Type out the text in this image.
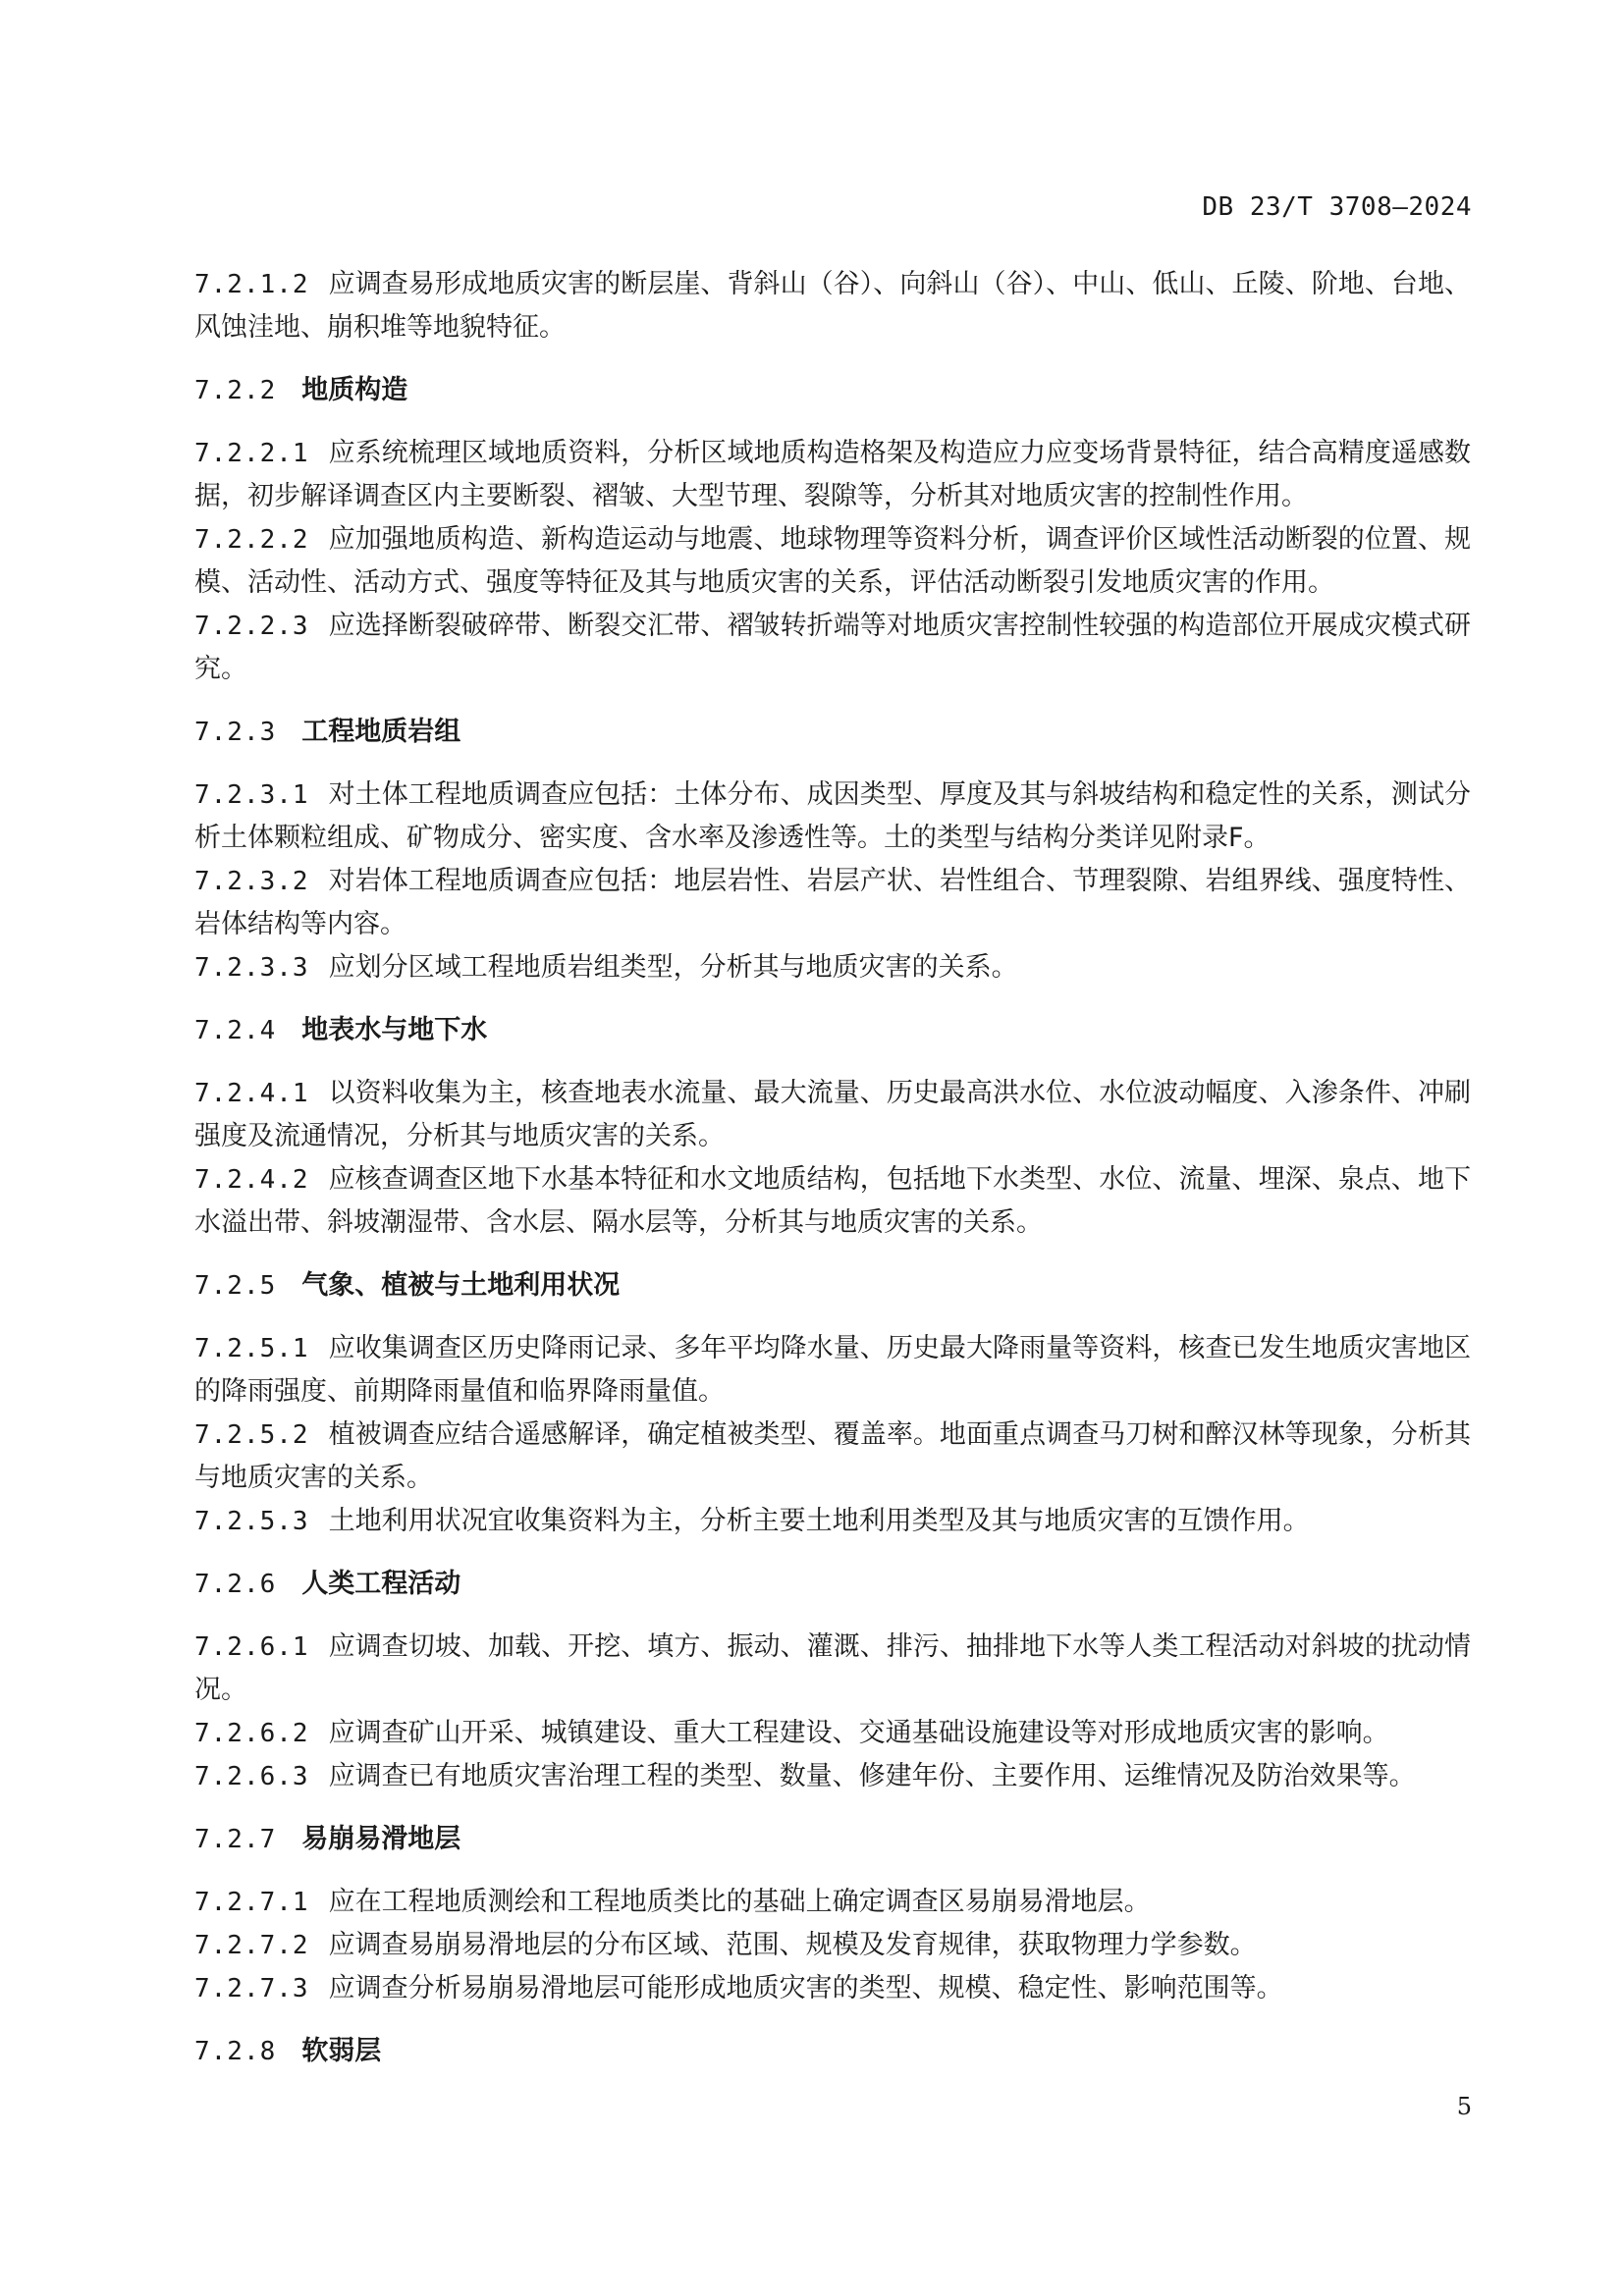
DB 23/T 3708—2024
7.2.1.2 应调查易形成地质灾害的断层崖、背斜山（谷）、向斜山（谷）、中山、低山、丘陵、阶地、台地、风蚀洼地、崩积堆等地貌特征。
7.2.2 地质构造
7.2.2.1 应系统梳理区域地质资料，分析区域地质构造格架及构造应力应变场背景特征，结合高精度遥感数据，初步解译调查区内主要断裂、褶皱、大型节理、裂隙等，分析其对地质灾害的控制性作用。
7.2.2.2 应加强地质构造、新构造运动与地震、地球物理等资料分析，调查评价区域性活动断裂的位置、规模、活动性、活动方式、强度等特征及其与地质灾害的关系，评估活动断裂引发地质灾害的作用。
7.2.2.3 应选择断裂破碎带、断裂交汇带、褶皱转折端等对地质灾害控制性较强的构造部位开展成灾模式研究。
7.2.3 工程地质岩组
7.2.3.1 对土体工程地质调查应包括：土体分布、成因类型、厚度及其与斜坡结构和稳定性的关系，测试分析土体颗粒组成、矿物成分、密实度、含水率及渗透性等。土的类型与结构分类详见附录F。
7.2.3.2 对岩体工程地质调查应包括：地层岩性、岩层产状、岩性组合、节理裂隙、岩组界线、强度特性、岩体结构等内容。
7.2.3.3 应划分区域工程地质岩组类型，分析其与地质灾害的关系。
7.2.4 地表水与地下水
7.2.4.1 以资料收集为主，核查地表水流量、最大流量、历史最高洪水位、水位波动幅度、入渗条件、冲刷强度及流通情况，分析其与地质灾害的关系。
7.2.4.2 应核查调查区地下水基本特征和水文地质结构，包括地下水类型、水位、流量、埋深、泉点、地下水溢出带、斜坡潮湿带、含水层、隔水层等，分析其与地质灾害的关系。
7.2.5 气象、植被与土地利用状况
7.2.5.1 应收集调查区历史降雨记录、多年平均降水量、历史最大降雨量等资料，核查已发生地质灾害地区的降雨强度、前期降雨量值和临界降雨量值。
7.2.5.2 植被调查应结合遥感解译，确定植被类型、覆盖率。地面重点调查马刀树和醉汉林等现象，分析其与地质灾害的关系。
7.2.5.3 土地利用状况宜收集资料为主，分析主要土地利用类型及其与地质灾害的互馈作用。
7.2.6 人类工程活动
7.2.6.1 应调查切坡、加载、开挖、填方、振动、灌溉、排污、抽排地下水等人类工程活动对斜坡的扰动情况。
7.2.6.2 应调查矿山开采、城镇建设、重大工程建设、交通基础设施建设等对形成地质灾害的影响。
7.2.6.3 应调查已有地质灾害治理工程的类型、数量、修建年份、主要作用、运维情况及防治效果等。
7.2.7 易崩易滑地层
7.2.7.1 应在工程地质测绘和工程地质类比的基础上确定调查区易崩易滑地层。
7.2.7.2 应调查易崩易滑地层的分布区域、范围、规模及发育规律，获取物理力学参数。
7.2.7.3 应调查分析易崩易滑地层可能形成地质灾害的类型、规模、稳定性、影响范围等。
7.2.8 软弱层
5
